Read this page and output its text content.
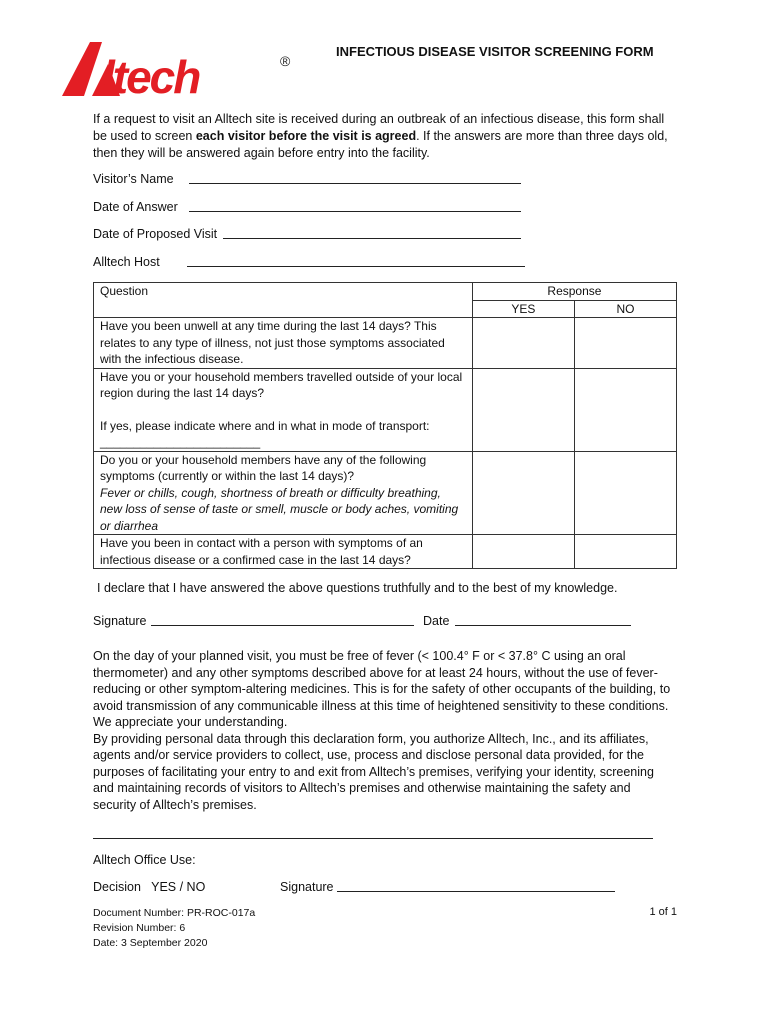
ltech	®
INFECTIOUS DISEASE VISITOR SCREENING FORM
If a request to visit an Alltech site is received during an outbreak of an infectious disease, this form shall be used to screen each visitor before the visit is agreed. If the answers are more than three days old, then they will be answered again before entry into the facility.
Visitor’s Name
Date of Answer
Date of Proposed Visit
Alltech Host
Question	Response	
	YES	NO
Have you been unwell at any time during the last 14 days? This relates to any type of illness, not just those symptoms associated with the infectious disease.		

Have you or your household members travelled outside of your local region during the last 14 days?
If yes, please indicate where and in what in mode of transport: ________________________		

Do you or your household members have any of the following symptoms (currently or within the last 14 days)?
Fever or chills, cough, shortness of breath or difficulty breathing, new loss of sense of taste or smell, muscle or body aches, vomiting or diarrhea		

Have you been in contact with a person with symptoms of an infectious disease or a confirmed case in the last 14 days?		
I declare that I have answered the above questions truthfully and to the best of my knowledge.
Signature	Date
On the day of your planned visit, you must be free of fever (< 100.4° F or < 37.8° C using an oral thermometer) and any other symptoms described above for at least 24 hours, without the use of fever-reducing or other symptom-altering medicines. This is for the safety of other occupants of the building, to avoid transmission of any communicable illness at this time of heightened sensitivity to these conditions. We appreciate your understanding.
By providing personal data through this declaration form, you authorize Alltech, Inc., and its affiliates, agents and/or service providers to collect, use, process and disclose personal data provided, for the purposes of facilitating your entry to and exit from Alltech’s premises, verifying your identity, screening and maintaining records of visitors to Alltech’s premises and otherwise maintaining the safety and security of Alltech’s premises.
Alltech Office Use:
Decision   YES / NO	Signature
Document Number: PR-ROC-017a
Revision Number: 6
Date: 3 September 2020
1 of 1
